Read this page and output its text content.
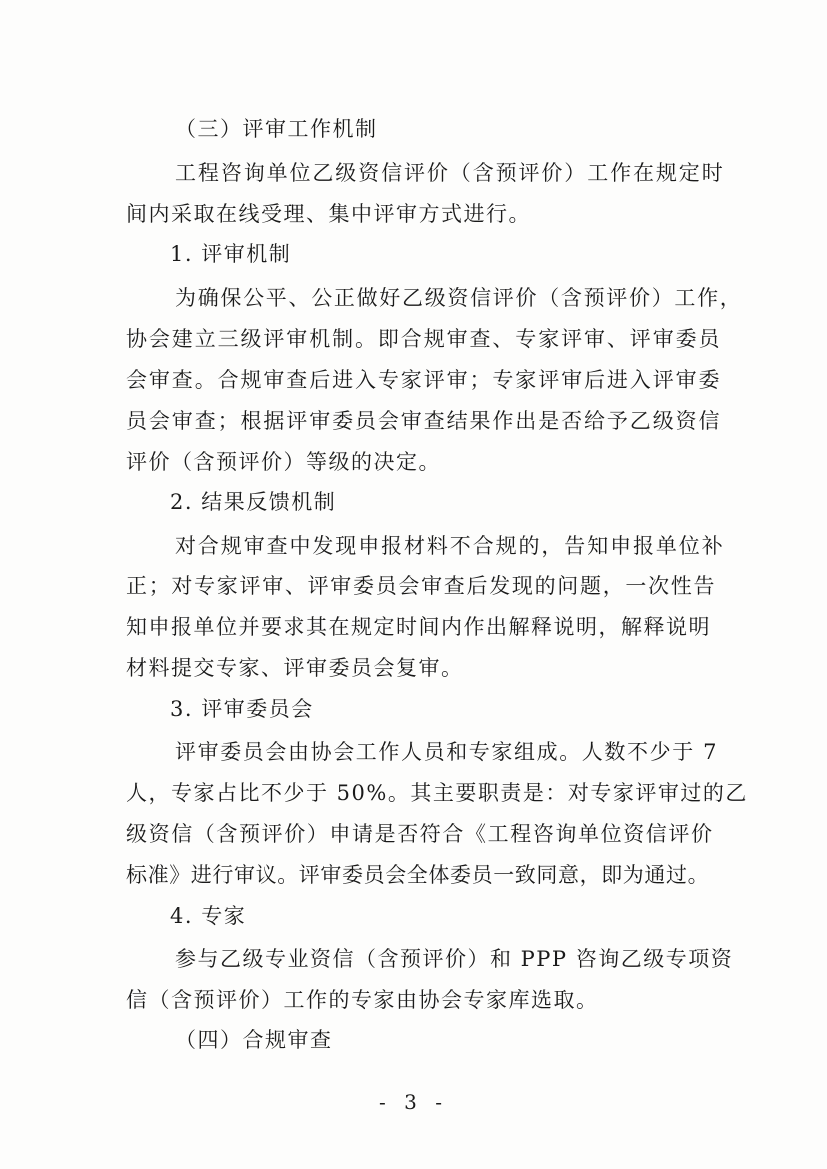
（三）评审工作机制
工程咨询单位乙级资信评价（含预评价）工作在规定时
间内采取在线受理、集中评审方式进行。
1. 评审机制
为确保公平、公正做好乙级资信评价（含预评价）工作，
协会建立三级评审机制。即合规审查、专家评审、评审委员
会审查。合规审查后进入专家评审；专家评审后进入评审委
员会审查；根据评审委员会审查结果作出是否给予乙级资信
评价（含预评价）等级的决定。
2. 结果反馈机制
对合规审查中发现申报材料不合规的，告知申报单位补
正；对专家评审、评审委员会审查后发现的问题，一次性告
知申报单位并要求其在规定时间内作出解释说明，解释说明
材料提交专家、评审委员会复审。
3. 评审委员会
评审委员会由协会工作人员和专家组成。人数不少于 7
人，专家占比不少于 50%。其主要职责是：对专家评审过的乙
级资信（含预评价）申请是否符合《工程咨询单位资信评价
标准》进行审议。评审委员会全体委员一致同意，即为通过。
4. 专家
参与乙级专业资信（含预评价）和 PPP 咨询乙级专项资
信（含预评价）工作的专家由协会专家库选取。
（四）合规审查
- 3 -
